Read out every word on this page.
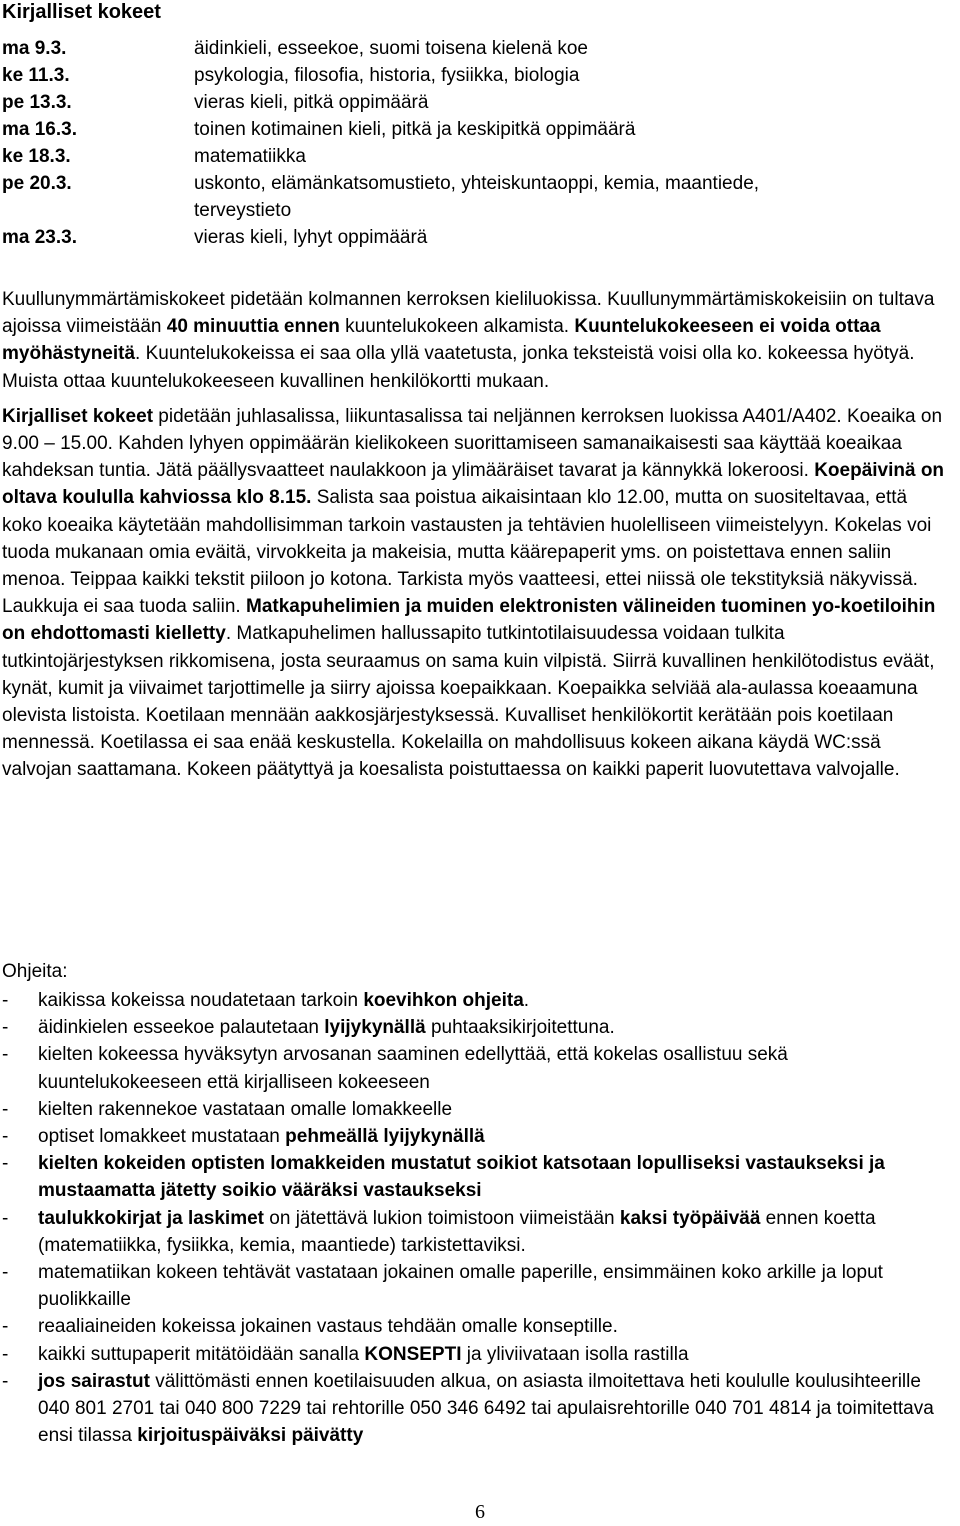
Kirjalliset kokeet
ma 9.3.	äidinkieli, esseekoe, suomi toisena kielenä koe
ke 11.3.	psykologia, filosofia, historia, fysiikka, biologia
pe 13.3.	vieras kieli, pitkä oppimäärä
ma 16.3.	toinen kotimainen kieli, pitkä ja keskipitkä oppimäärä
ke 18.3.	matematiikka
pe 20.3.	uskonto, elämänkatsomustieto, yhteiskuntaoppi, kemia, maantiede,
terveystieto
ma 23.3.	vieras kieli, lyhyt oppimäärä

Kuullunymmärtämiskokeet pidetään kolmannen kerroksen kieliluokissa. Kuullunymmärtämiskokeisiin on tultava ajoissa viimeistään 40 minuuttia ennen kuuntelukokeen alkamista. Kuuntelukokeeseen ei voida ottaa myöhästyneitä. Kuuntelukokeissa ei saa olla yllä vaatetusta, jonka teksteistä voisi olla ko. kokeessa hyötyä. Muista ottaa kuuntelukokeeseen kuvallinen henkilökortti mukaan.

Kirjalliset kokeet pidetään juhlasalissa, liikuntasalissa tai neljännen kerroksen luokissa A401/A402. Koeaika on 9.00 – 15.00. Kahden lyhyen oppimäärän kielikokeen suorittamiseen samanaikaisesti saa käyttää koeaikaa kahdeksan tuntia. Jätä päällysvaatteet naulakkoon ja ylimääräiset tavarat ja kännykkä lokeroosi. Koepäivinä on oltava koululla kahviossa klo 8.15. Salista saa poistua aikaisintaan klo 12.00, mutta on suositeltavaa, että koko koeaika käytetään mahdollisimman tarkoin vastausten ja tehtävien huolelliseen viimeistelyyn. Kokelas voi tuoda mukanaan omia eväitä, virvokkeita ja makeisia, mutta käärepaperit yms. on poistettava ennen saliin menoa. Teippaa kaikki tekstit piiloon jo kotona. Tarkista myös vaatteesi, ettei niissä ole tekstityksiä näkyvissä. Laukkuja ei saa tuoda saliin. Matkapuhelimien ja muiden elektronisten välineiden tuominen yo-koetiloihin on ehdottomasti kielletty. Matkapuhelimen hallussapito tutkintotilaisuudessa voidaan tulkita tutkintojärjestyksen rikkomisena, josta seuraamus on sama kuin vilpistä. Siirrä kuvallinen henkilötodistus eväät, kynät, kumit ja viivaimet tarjottimelle ja siirry ajoissa koepaikkaan. Koepaikka selviää ala-aulassa koeaamuna olevista listoista. Koetilaan mennään aakkosjärjestyksessä. Kuvalliset henkilökortit kerätään pois koetilaan mennessä. Koetilassa ei saa enää keskustella. Kokelailla on mahdollisuus kokeen aikana käydä WC:ssä valvojan saattamana. Kokeen päätyttyä ja koesalista poistuttaessa on kaikki paperit luovutettava valvojalle.

Ohjeita:
- kaikissa kokeissa noudatetaan tarkoin koevihkon ohjeita.
- äidinkielen esseekoe palautetaan lyijykynällä puhtaaksikirjoitettuna.
- kielten kokeessa hyväksytyn arvosanan saaminen edellyttää, että kokelas osallistuu sekä kuuntelukokeeseen että kirjalliseen kokeeseen
- kielten rakennekoe vastataan omalle lomakkeelle
- optiset lomakkeet mustataan pehmeällä lyijykynällä
- kielten kokeiden optisten lomakkeiden mustatut soikiot katsotaan lopulliseksi vastaukseksi ja mustaamatta jätetty soikio vääräksi vastaukseksi
- taulukkokirjat ja laskimet on jätettävä lukion toimistoon viimeistään kaksi työpäivää ennen koetta (matematiikka, fysiikka, kemia, maantiede) tarkistettaviksi.
- matematiikan kokeen tehtävät vastataan jokainen omalle paperille, ensimmäinen koko arkille ja loput puolikkaille
- reaaliaineiden kokeissa jokainen vastaus tehdään omalle konseptille.
- kaikki suttupaperit mitätöidään sanalla KONSEPTI ja yliviivataan isolla rastilla
- jos sairastut välittömästi ennen koetilaisuuden alkua, on asiasta ilmoitettava heti koululle koulusihteerille 040 801 2701 tai 040 800 7229 tai rehtorille 050 346 6492 tai apulaisrehtorille 040 701 4814 ja toimitettava ensi tilassa kirjoituspäiväksi päivätty
6
